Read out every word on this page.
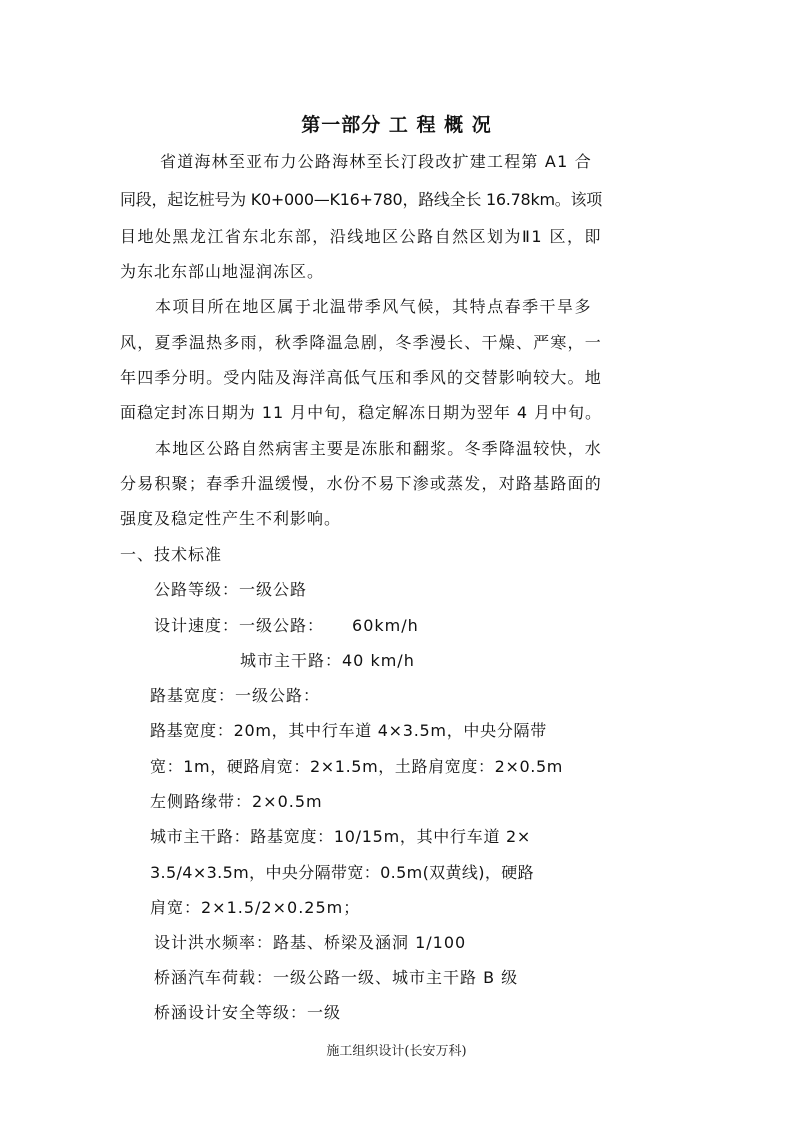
第一部分 工 程 概 况
省道海林至亚布力公路海林至长汀段改扩建工程第 A1 合
同段，起讫桩号为 K0+000—K16+780，路线全长 16.78km。该项
目地处黑龙江省东北东部，沿线地区公路自然区划为Ⅱ1 区，即
为东北东部山地湿润冻区。
本项目所在地区属于北温带季风气候，其特点春季干旱多
风，夏季温热多雨，秋季降温急剧，冬季漫长、干燥、严寒，一
年四季分明。受内陆及海洋高低气压和季风的交替影响较大。地
面稳定封冻日期为 11 月中旬，稳定解冻日期为翌年 4 月中旬。
本地区公路自然病害主要是冻胀和翻浆。冬季降温较快，水
分易积聚；春季升温缓慢，水份不易下渗或蒸发，对路基路面的
强度及稳定性产生不利影响。
一、技术标准
公路等级：一级公路
设计速度：一级公路： 60km/h
城市主干路：40 km/h
路基宽度：一级公路：
路基宽度：20m，其中行车道 4×3.5m，中央分隔带
宽：1m，硬路肩宽：2×1.5m，土路肩宽度：2×0.5m
左侧路缘带：2×0.5m
城市主干路：路基宽度：10/15m，其中行车道 2×
3.5/4×3.5m，中央分隔带宽：0.5m(双黄线)，硬路
肩宽：2×1.5/2×0.25m；
设计洪水频率：路基、桥梁及涵洞 1/100
桥涵汽车荷载：一级公路一级、城市主干路 B 级
桥涵设计安全等级：一级
施工组织设计(长安万科)
